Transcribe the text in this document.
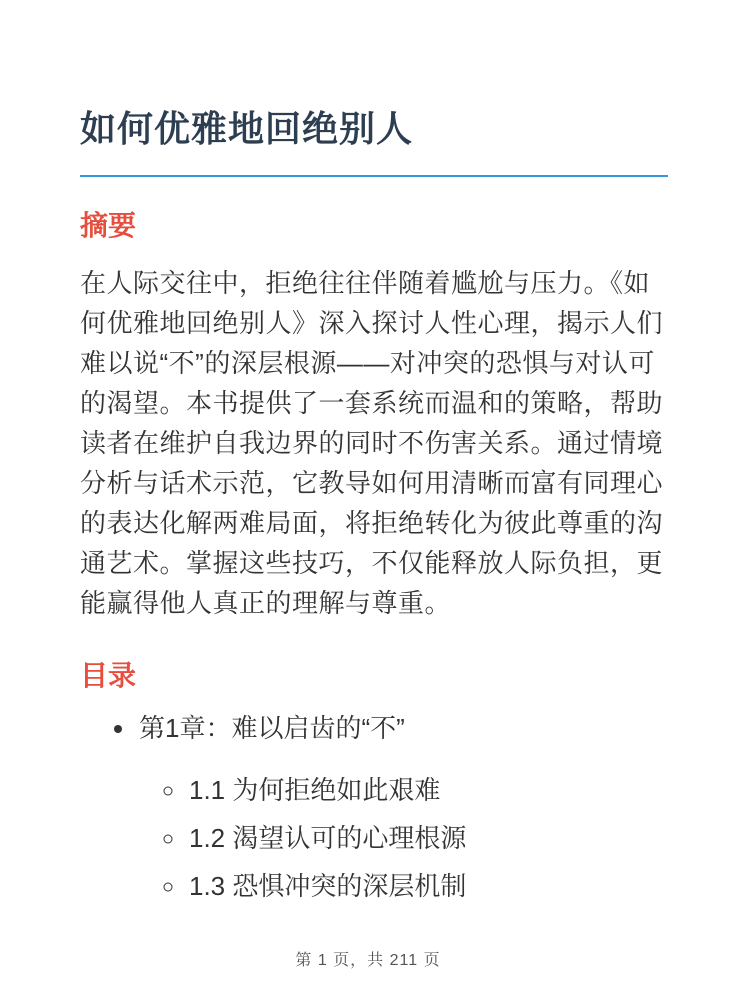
如何优雅地回绝别人
摘要

在人际交往中，拒绝往往伴随着尴尬与压力。《如何优雅地回绝别人》深入探讨人性心理，揭示人们难以说“不”的深层根源——对冲突的恐惧与对认可的渴望。本书提供了一套系统而温和的策略，帮助读者在维护自我边界的同时不伤害关系。通过情境分析与话术示范，它教导如何用清晰而富有同理心的表达化解两难局面，将拒绝转化为彼此尊重的沟通艺术。掌握这些技巧，不仅能释放人际负担，更能赢得他人真正的理解与尊重。

目录
• 第1章：难以启齿的“不”
◦ 1.1 为何拒绝如此艰难
◦ 1.2 渴望认可的心理根源
◦ 1.3 恐惧冲突的深层机制
第 1 页，共 211 页
